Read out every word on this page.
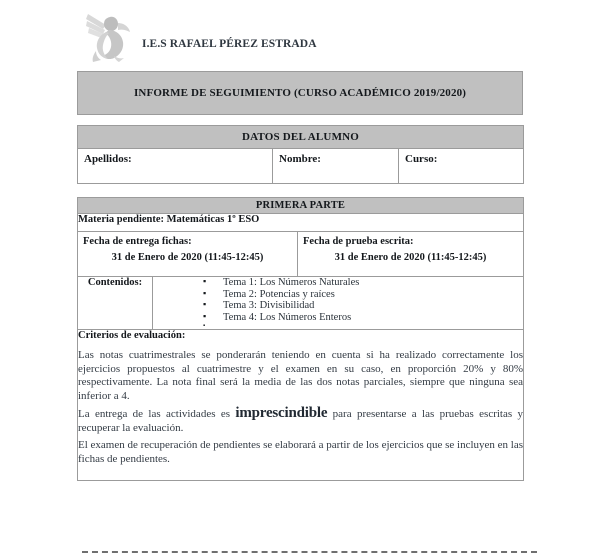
I.E.S RAFAEL PÉREZ ESTRADA
INFORME DE SEGUIMIENTO (CURSO ACADÉMICO 2019/2020)
DATOS DEL ALUMNO
Apellidos:	Nombre:	Curso:
PRIMERA PARTE		
Materia pendiente: Matemáticas 1º ESO		

Fecha de entrega fichas:
31 de Enero de 2020 (11:45-12:45)

Fecha de prueba escrita:
31 de Enero de 2020 (11:45-12:45)

Contenidos:	
▪Tema 1: Los Números Naturales
▪ Tema 2: Potencias y raíces
▪ Tema 3: Divisibilidad
▪ Tema 4: Los Números Enteros
▪

Criterios de evaluación:

Las notas cuatrimestrales se ponderarán teniendo en cuenta si ha realizado correctamente los ejercicios propuestos al cuatrimestre y el examen en su caso, en proporción 20% y 80% respectivamente. La nota final será la media de las dos notas parciales, siempre que ninguna sea inferior a 4.

La entrega de las actividades es imprescindible para presentarse a las pruebas escritas y recuperar la evaluación.

El examen de recuperación de pendientes se elaborará a partir de los ejercicios que se incluyen en las fichas de pendientes.		
